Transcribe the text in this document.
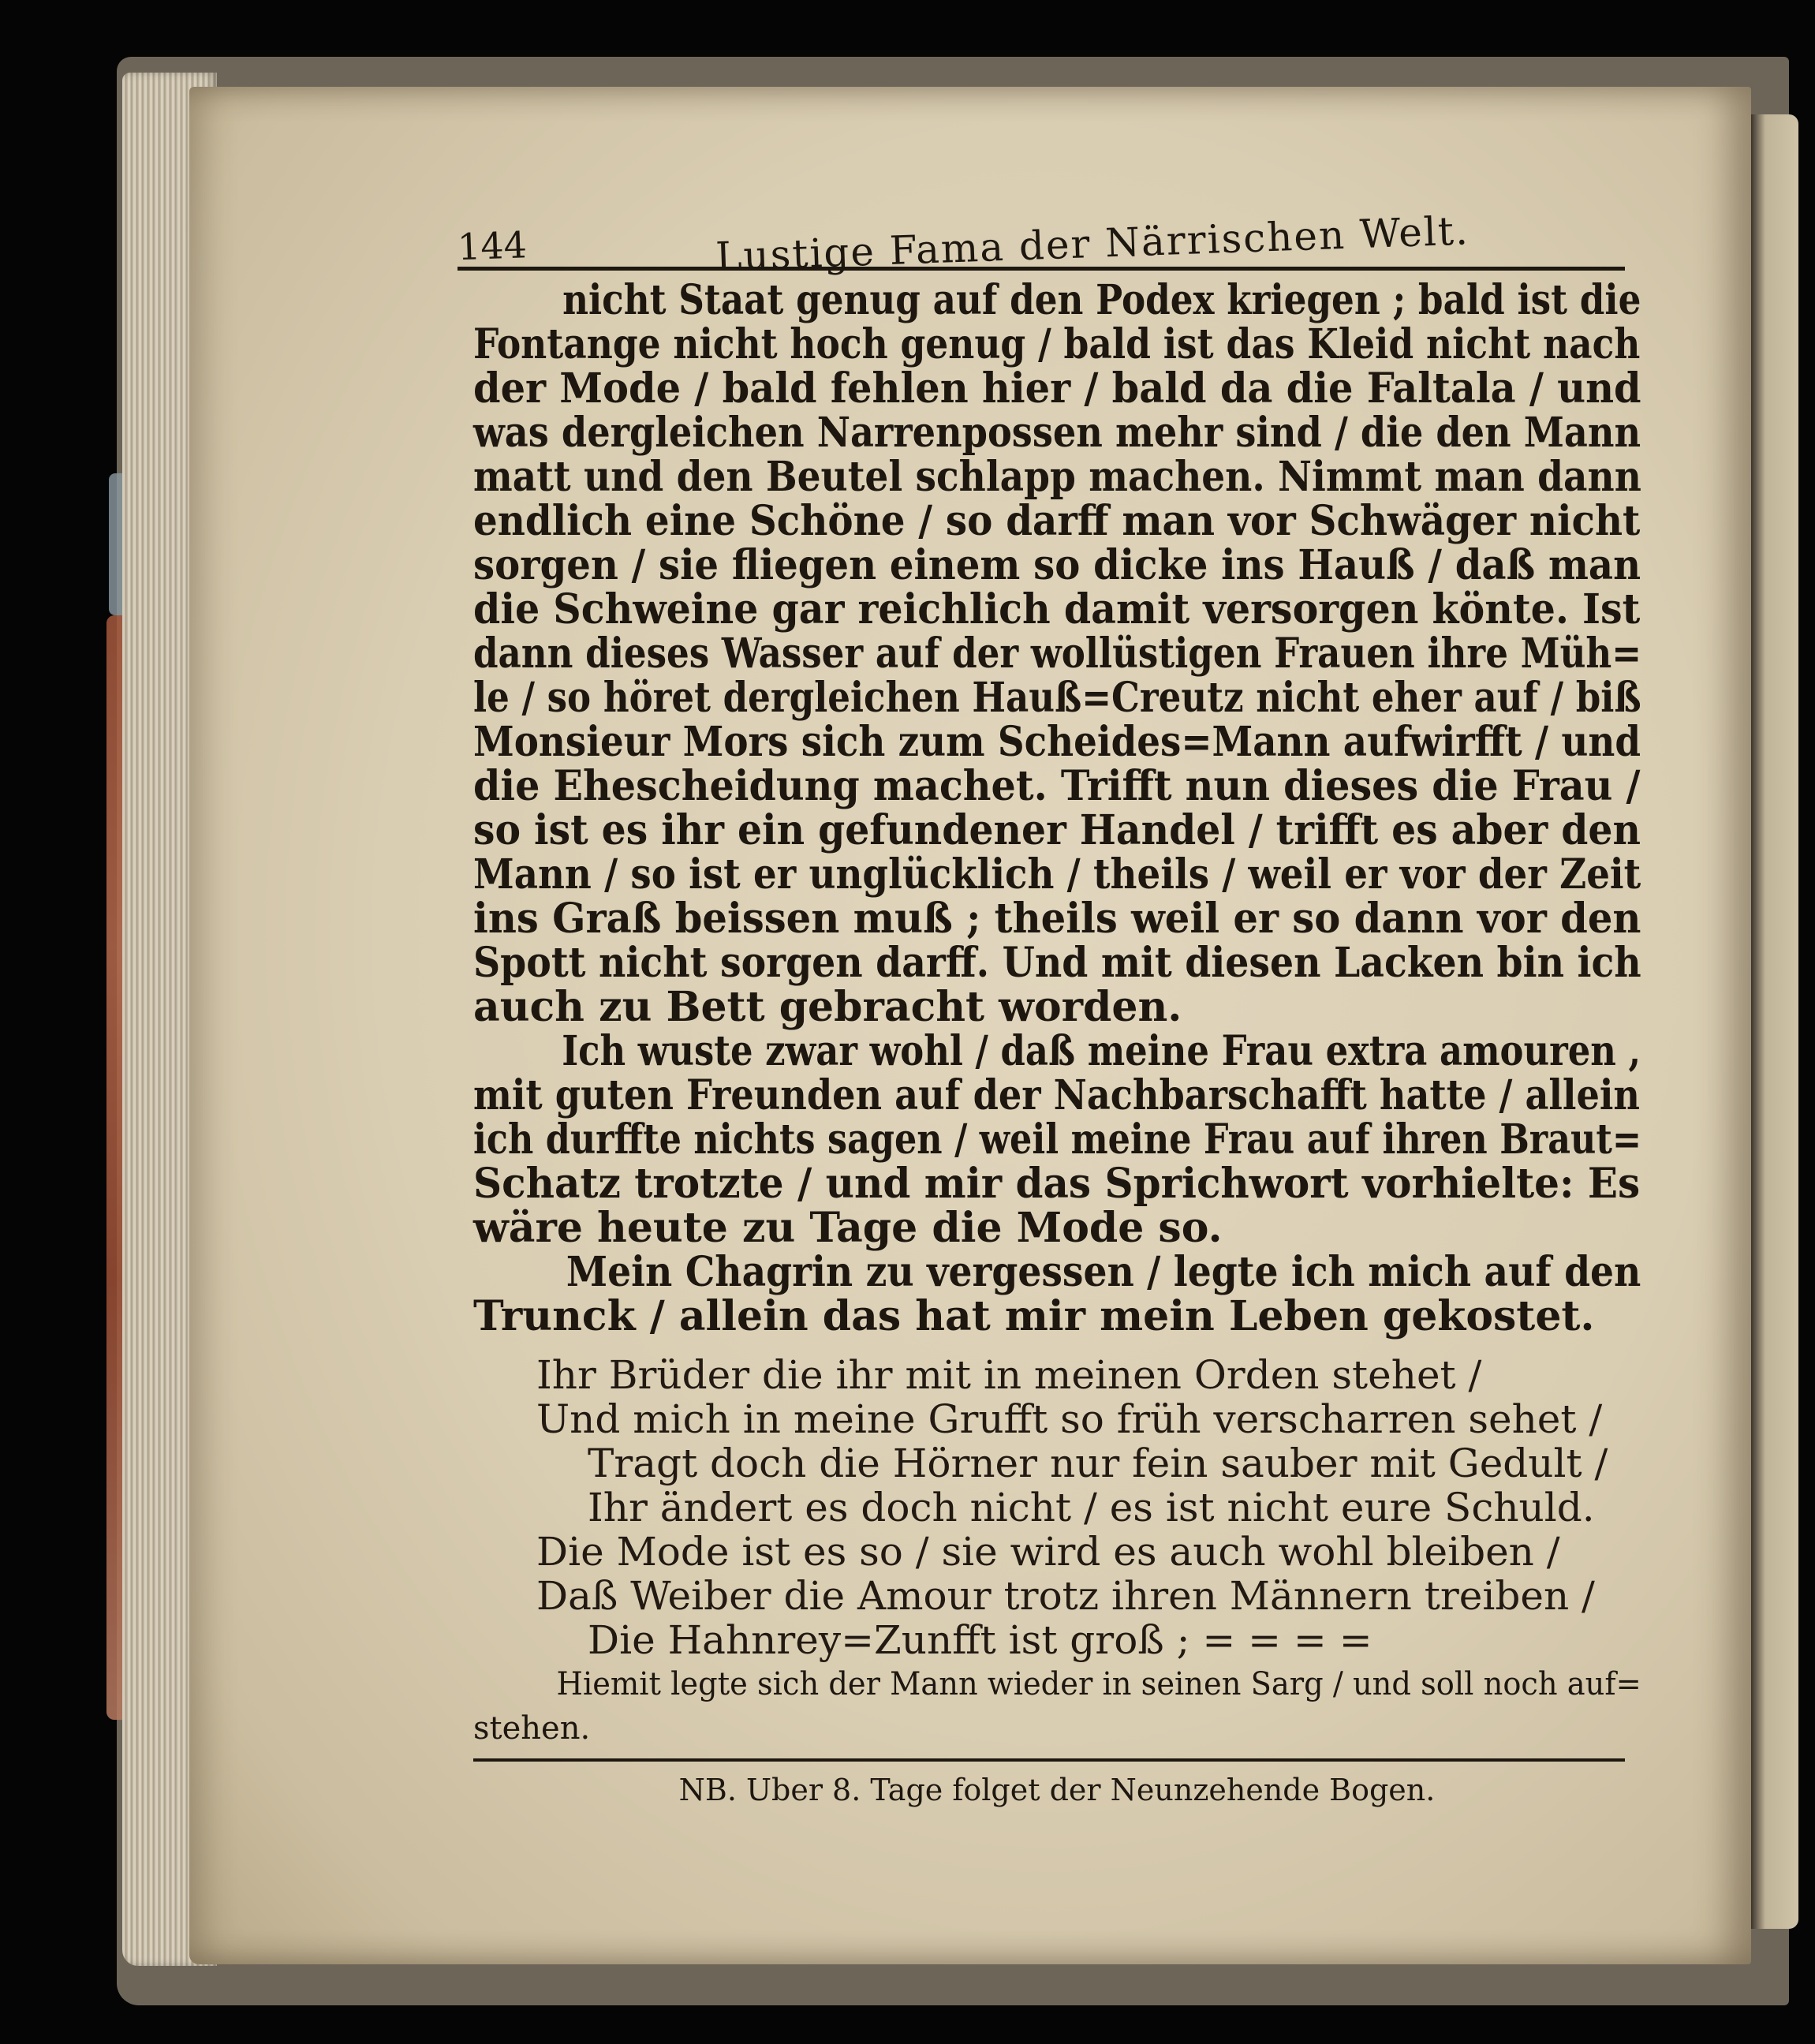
144	Lustige Fama der Närrischen Welt.
nicht Staat genug auf den Podex kriegen ; bald ist die
Fontange nicht hoch genug / bald ist das Kleid nicht nach
der Mode / bald fehlen hier / bald da die Faltala / und
was dergleichen Narrenpossen mehr sind / die den Mann
matt und den Beutel schlapp machen. Nimmt man dann
endlich eine Schöne / so darff man vor Schwäger nicht
sorgen / sie fliegen einem so dicke ins Hauß / daß man
die Schweine gar reichlich damit versorgen könte. Ist
dann dieses Wasser auf der wollüstigen Frauen ihre Müh=
le / so höret dergleichen Hauß=Creutz nicht eher auf / biß
Monsieur Mors sich zum Scheides=Mann aufwirfft / und
die Ehescheidung machet. Trifft nun dieses die Frau /
so ist es ihr ein gefundener Handel / trifft es aber den
Mann / so ist er unglücklich / theils / weil er vor der Zeit
ins Graß beissen muß ; theils weil er so dann vor den
Spott nicht sorgen darff. Und mit diesen Lacken bin ich
auch zu Bett gebracht worden.
Ich wuste zwar wohl / daß meine Frau extra amouren ,
mit guten Freunden auf der Nachbarschafft hatte / allein
ich durffte nichts sagen / weil meine Frau auf ihren Braut=
Schatz trotzte / und mir das Sprichwort vorhielte: Es
wäre heute zu Tage die Mode so.
Mein Chagrin zu vergessen / legte ich mich auf den
Trunck / allein das hat mir mein Leben gekostet.
Ihr Brüder die ihr mit in meinen Orden stehet /
Und mich in meine Grufft so früh verscharren sehet /
Tragt doch die Hörner nur fein sauber mit Gedult /
Ihr ändert es doch nicht / es ist nicht eure Schuld.
Die Mode ist es so / sie wird es auch wohl bleiben /
Daß Weiber die Amour trotz ihren Männern treiben /
Die Hahnrey=Zunfft ist groß ; = = = =
Hiemit legte sich der Mann wieder in seinen Sarg / und soll noch auf=
stehen.
NB. Uber 8. Tage folget der Neunzehende Bogen.
